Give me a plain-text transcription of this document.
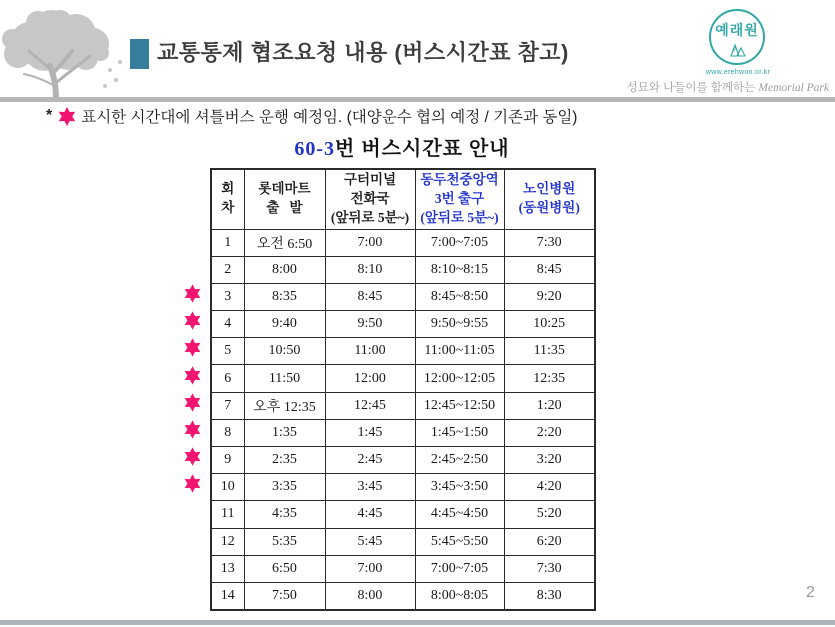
교통통제 협조요청 내용 (버스시간표 참고)
예래원
www.erehwon.or.kr
성묘와 나들이를 함께하는 Memorial Park
* 표시한 시간대에 셔틀버스 운행 예정임. (대양운수 협의 예정 / 기존과 동일)
60-3번 버스시간표 안내
회
차

롯데마트
출   발

구터미널
전화국
(앞뒤로 5분~)

동두천중앙역
3번 출구
(앞뒤로 5분~)

노인병원
(동원병원)

1	오전 6:50	7:00	7:00~7:05	7:30
2	8:00	8:10	8:10~8:15	8:45
3	8:35	8:45	8:45~8:50	9:20
4	9:40	9:50	9:50~9:55	10:25
5	10:50	11:00	11:00~11:05	11:35
6	11:50	12:00	12:00~12:05	12:35
7	오후 12:35	12:45	12:45~12:50	1:20
8	1:35	1:45	1:45~1:50	2:20
9	2:35	2:45	2:45~2:50	3:20
10	3:35	3:45	3:45~3:50	4:20
11	4:35	4:45	4:45~4:50	5:20
12	5:35	5:45	5:45~5:50	6:20
13	6:50	7:00	7:00~7:05	7:30
14	7:50	8:00	8:00~8:05	8:30	2
